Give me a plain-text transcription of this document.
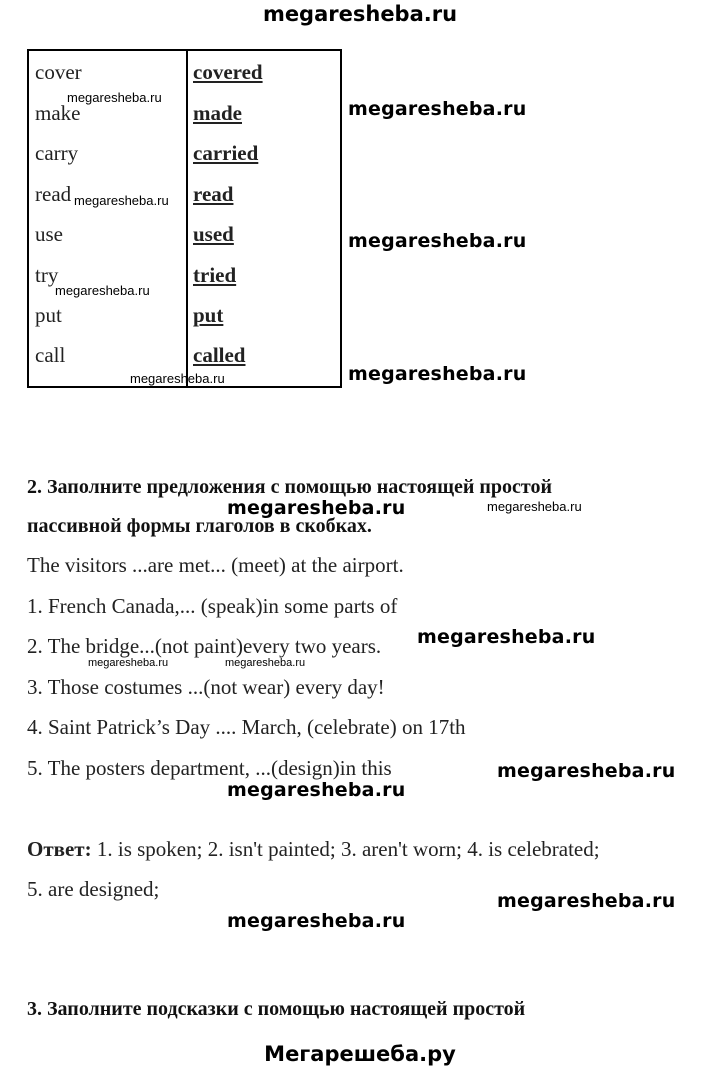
megaresheba.ru
cover	covered
make	made
carry	carried
read	read
use	used
try	tried
put	put
call	called
megaresheba.ru
megaresheba.ru
megaresheba.ru
megaresheba.ru
megaresheba.ru
megaresheba.ru
megaresheba.ru
2. Заполните предложения с помощью настоящей простой
пассивной формы глаголов в скобках.
megaresheba.ru	megaresheba.ru
The visitors ...are met... (meet) at the airport.
1. French Canada,... (speak)in some parts of
2. The bridge...(not paint)every two years. megaresheba.ru
megaresheba.ru	megaresheba.ru
3. Those costumes ...(not wear) every day!
4. Saint Patrick’s Day .... March, (celebrate) on 17th
5. The posters department, ...(design)in this	megaresheba.ru
megaresheba.ru
Ответ: 1. is spoken; 2. isn't painted; 3. aren't worn; 4. is celebrated;
5. are designed;	megaresheba.ru
megaresheba.ru
3. Заполните подсказки с помощью настоящей простой
Мегарешеба.ру
